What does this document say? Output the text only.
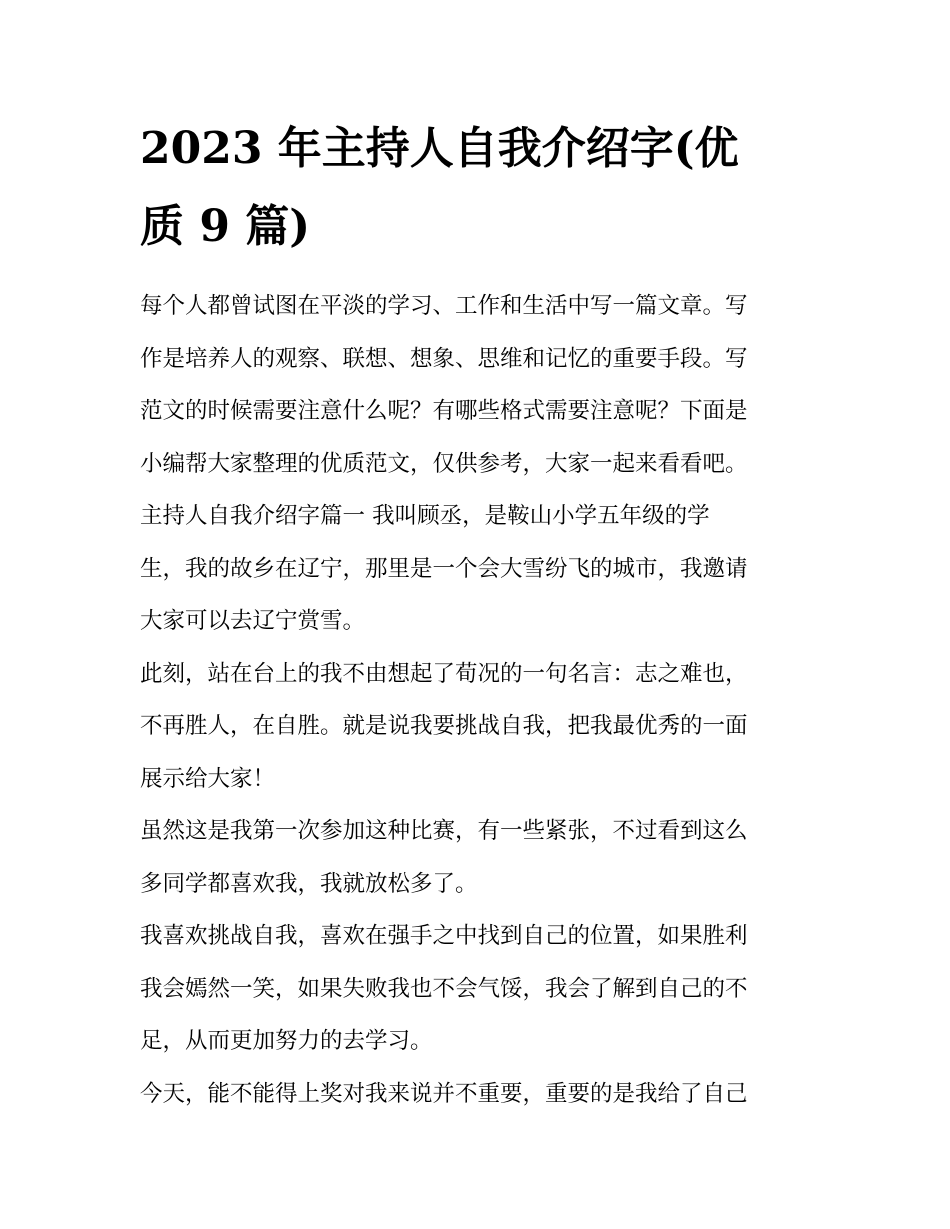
2023 年主持人自我介绍字(优
质 9 篇)
每个人都曾试图在平淡的学习、工作和生活中写一篇文章。写
作是培养人的观察、联想、想象、思维和记忆的重要手段。写
范文的时候需要注意什么呢？有哪些格式需要注意呢？下面是
小编帮大家整理的优质范文，仅供参考，大家一起来看看吧。
主持人自我介绍字篇一 我叫顾丞，是鞍山小学五年级的学
生，我的故乡在辽宁，那里是一个会大雪纷飞的城市，我邀请
大家可以去辽宁赏雪。
此刻，站在台上的我不由想起了荀况的一句名言：志之难也，
不再胜人，在自胜。就是说我要挑战自我，把我最优秀的一面
展示给大家！
虽然这是我第一次参加这种比赛，有一些紧张，不过看到这么
多同学都喜欢我，我就放松多了。
我喜欢挑战自我，喜欢在强手之中找到自己的位置，如果胜利
我会嫣然一笑，如果失败我也不会气馁，我会了解到自己的不
足，从而更加努力的去学习。
今天，能不能得上奖对我来说并不重要，重要的是我给了自己
